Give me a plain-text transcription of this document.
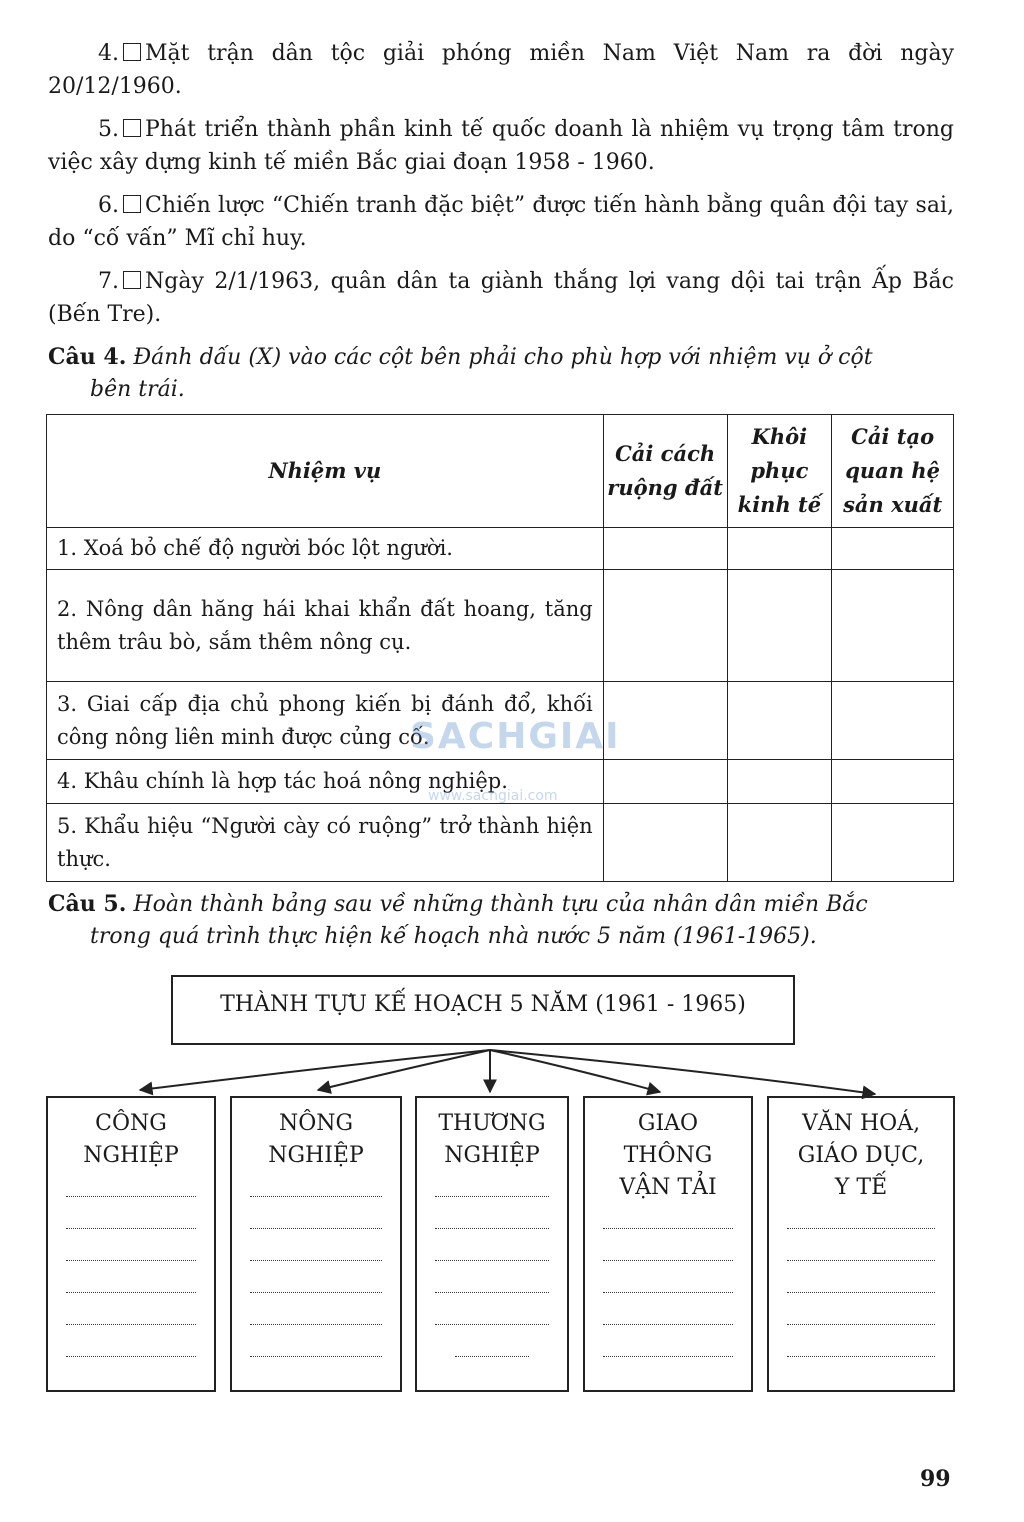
4. Mặt trận dân tộc giải phóng miền Nam Việt Nam ra đời ngày 20/12/1960.
5. Phát triển thành phần kinh tế quốc doanh là nhiệm vụ trọng tâm trong việc xây dựng kinh tế miền Bắc giai đoạn 1958 - 1960.
6. Chiến lược “Chiến tranh đặc biệt” được tiến hành bằng quân đội tay sai, do “cố vấn” Mĩ chỉ huy.
7. Ngày 2/1/1963, quân dân ta giành thắng lợi vang dội tai trận Ấp Bắc (Bến Tre).
Câu 4. Đánh dấu (X) vào các cột bên phải cho phù hợp với nhiệm vụ ở cột
bên trái.
Nhiệm vụ	Cải cách ruộng đất	Khôi phục kinh tế	Cải tạo quan hệ sản xuất
1. Xoá bỏ chế độ người bóc lột người.			
2. Nông dân hăng hái khai khẩn đất hoang, tăng thêm trâu bò, sắm thêm nông cụ.			
3. Giai cấp địa chủ phong kiến bị đánh đổ, khối công nông liên minh được củng cố.			
4. Khâu chính là hợp tác hoá nông nghiệp.			
5. Khẩu hiệu “Người cày có ruộng” trở thành hiện thực.			
SACHGIAI
www.sachgiai.com
Câu 5. Hoàn thành bảng sau về những thành tựu của nhân dân miền Bắc
trong quá trình thực hiện kế hoạch nhà nước 5 năm (1961-1965).
THÀNH TỰU KẾ HOẠCH 5 NĂM (1961 - 1965)
CÔNG
NGHIỆP
NÔNG
NGHIỆP
THƯƠNG
NGHIỆP
GIAO
THÔNG
VẬN TẢI
VĂN HOÁ,
GIÁO DỤC,
Y TẾ
99
